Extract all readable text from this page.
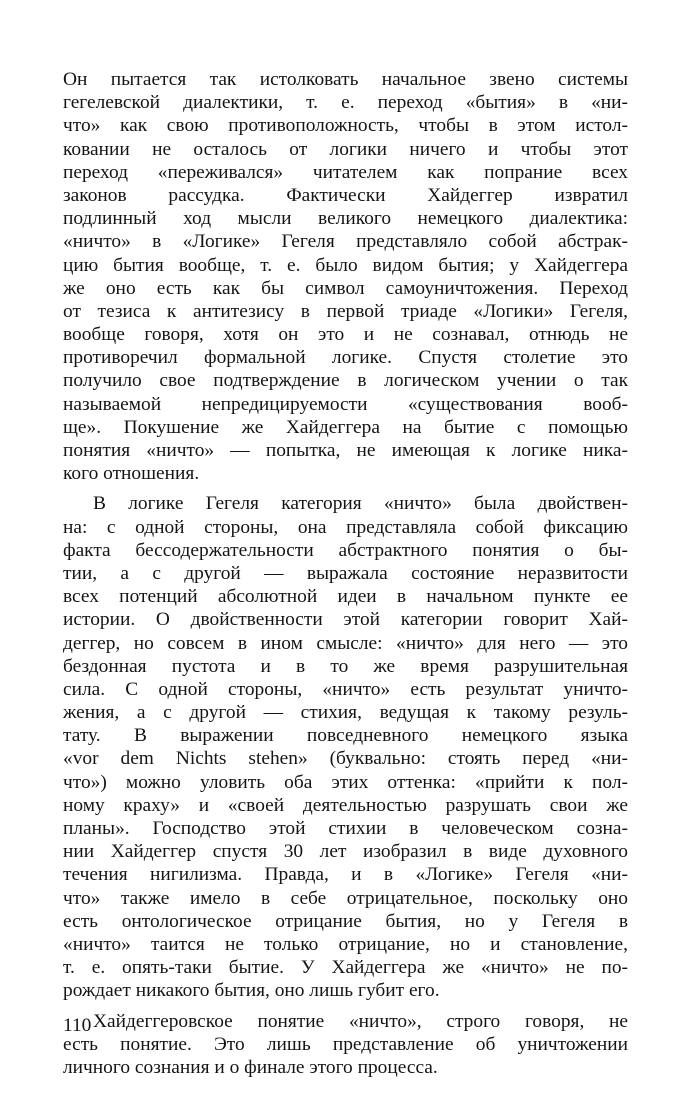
Он пытается так истолковать начальное звено системы
гегелевской диалектики, т. е. переход «бытия» в «ни-
что» как свою противоположность, чтобы в этом истол-
ковании не осталось от логики ничего и чтобы этот
переход «переживался» читателем как попрание всех
законов рассудка. Фактически Хайдеггер извратил
подлинный ход мысли великого немецкого диалектика:
«ничто» в «Логике» Гегеля представляло собой абстрак-
цию бытия вообще, т. е. было видом бытия; у Хайдеггера
же оно есть как бы символ самоуничтожения. Переход
от тезиса к антитезису в первой триаде «Логики» Гегеля,
вообще говоря, хотя он это и не сознавал, отнюдь не
противоречил формальной логике. Спустя столетие это
получило свое подтверждение в логическом учении о так
называемой непредицируемости «существования вооб-
ще». Покушение же Хайдеггера на бытие с помощью
понятия «ничто» — попытка, не имеющая к логике ника-
кого отношения.
В логике Гегеля категория «ничто» была двойствен-
на: с одной стороны, она представляла собой фиксацию
факта бессодержательности абстрактного понятия о бы-
тии, а с другой — выражала состояние неразвитости
всех потенций абсолютной идеи в начальном пункте ее
истории. О двойственности этой категории говорит Хай-
деггер, но совсем в ином смысле: «ничто» для него — это
бездонная пустота и в то же время разрушительная
сила. С одной стороны, «ничто» есть результат уничто-
жения, а с другой — стихия, ведущая к такому резуль-
тату. В выражении повседневного немецкого языка
«vor dem Nichts stehen» (буквально: стоять перед «ни-
что») можно уловить оба этих оттенка: «прийти к пол-
ному краху» и «своей деятельностью разрушать свои же
планы». Господство этой стихии в человеческом созна-
нии Хайдеггер спустя 30 лет изобразил в виде духовного
течения нигилизма. Правда, и в «Логике» Гегеля «ни-
что» также имело в себе отрицательное, поскольку оно
есть онтологическое отрицание бытия, но у Гегеля в
«ничто» таится не только отрицание, но и становление,
т. е. опять-таки бытие. У Хайдеггера же «ничто» не по-
рождает никакого бытия, оно лишь губит его.
Хайдеггеровское понятие «ничто», строго говоря, не
есть понятие. Это лишь представление об уничтожении
личного сознания и о финале этого процесса.
110
